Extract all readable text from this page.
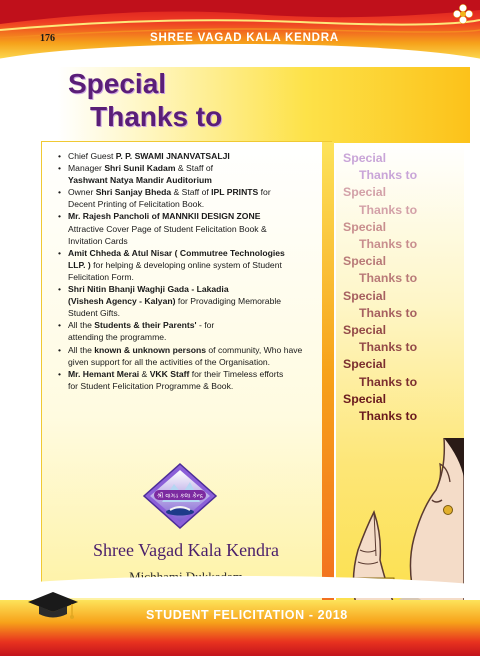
176	SHREE VAGAD KALA KENDRA
Special
Thanks to
• Chief Guest P. P. SWAMI JNANVATSALJI
• Manager Shri Sunil Kadam & Staff of
Yashwant Natya Mandir Auditorium
• Owner Shri Sanjay Bheda & Staff of IPL PRINTS for
Decent Printing of Felicitation Book.
• Mr. Rajesh Pancholi of MANNKII DESIGN ZONE
Attractive Cover Page of Student Felicitation Book &
Invitation Cards
• Amit Chheda & Atul Nisar ( Commutree Technologies
LLP. ) for helping & developing online system of Student
Felicitation Form.
• Shri Nitin Bhanji Waghji Gada - Lakadia
(Vishesh Agency - Kalyan) for Provadiging Memorable
Student Gifts.
• All the Students & their Parents' - for
attending the programme.
• All the known & unknown persons of community, Who have
given support for all the activities of the Organisation.
• Mr. Hemant Merai & VKK Staff for their Timeless efforts
for Student Felicitation Programme & Book.
શ્રી વાગડ કલા કેન્દ્ર
Shree Vagad Kala Kendra
Special
Thanks to
Special
Thanks to
Special
Thanks to
Special
Thanks to
Special
Thanks to
Special
Thanks to
Special
Thanks to
Special
Thanks to
STUDENT FELICITATION - 2018
